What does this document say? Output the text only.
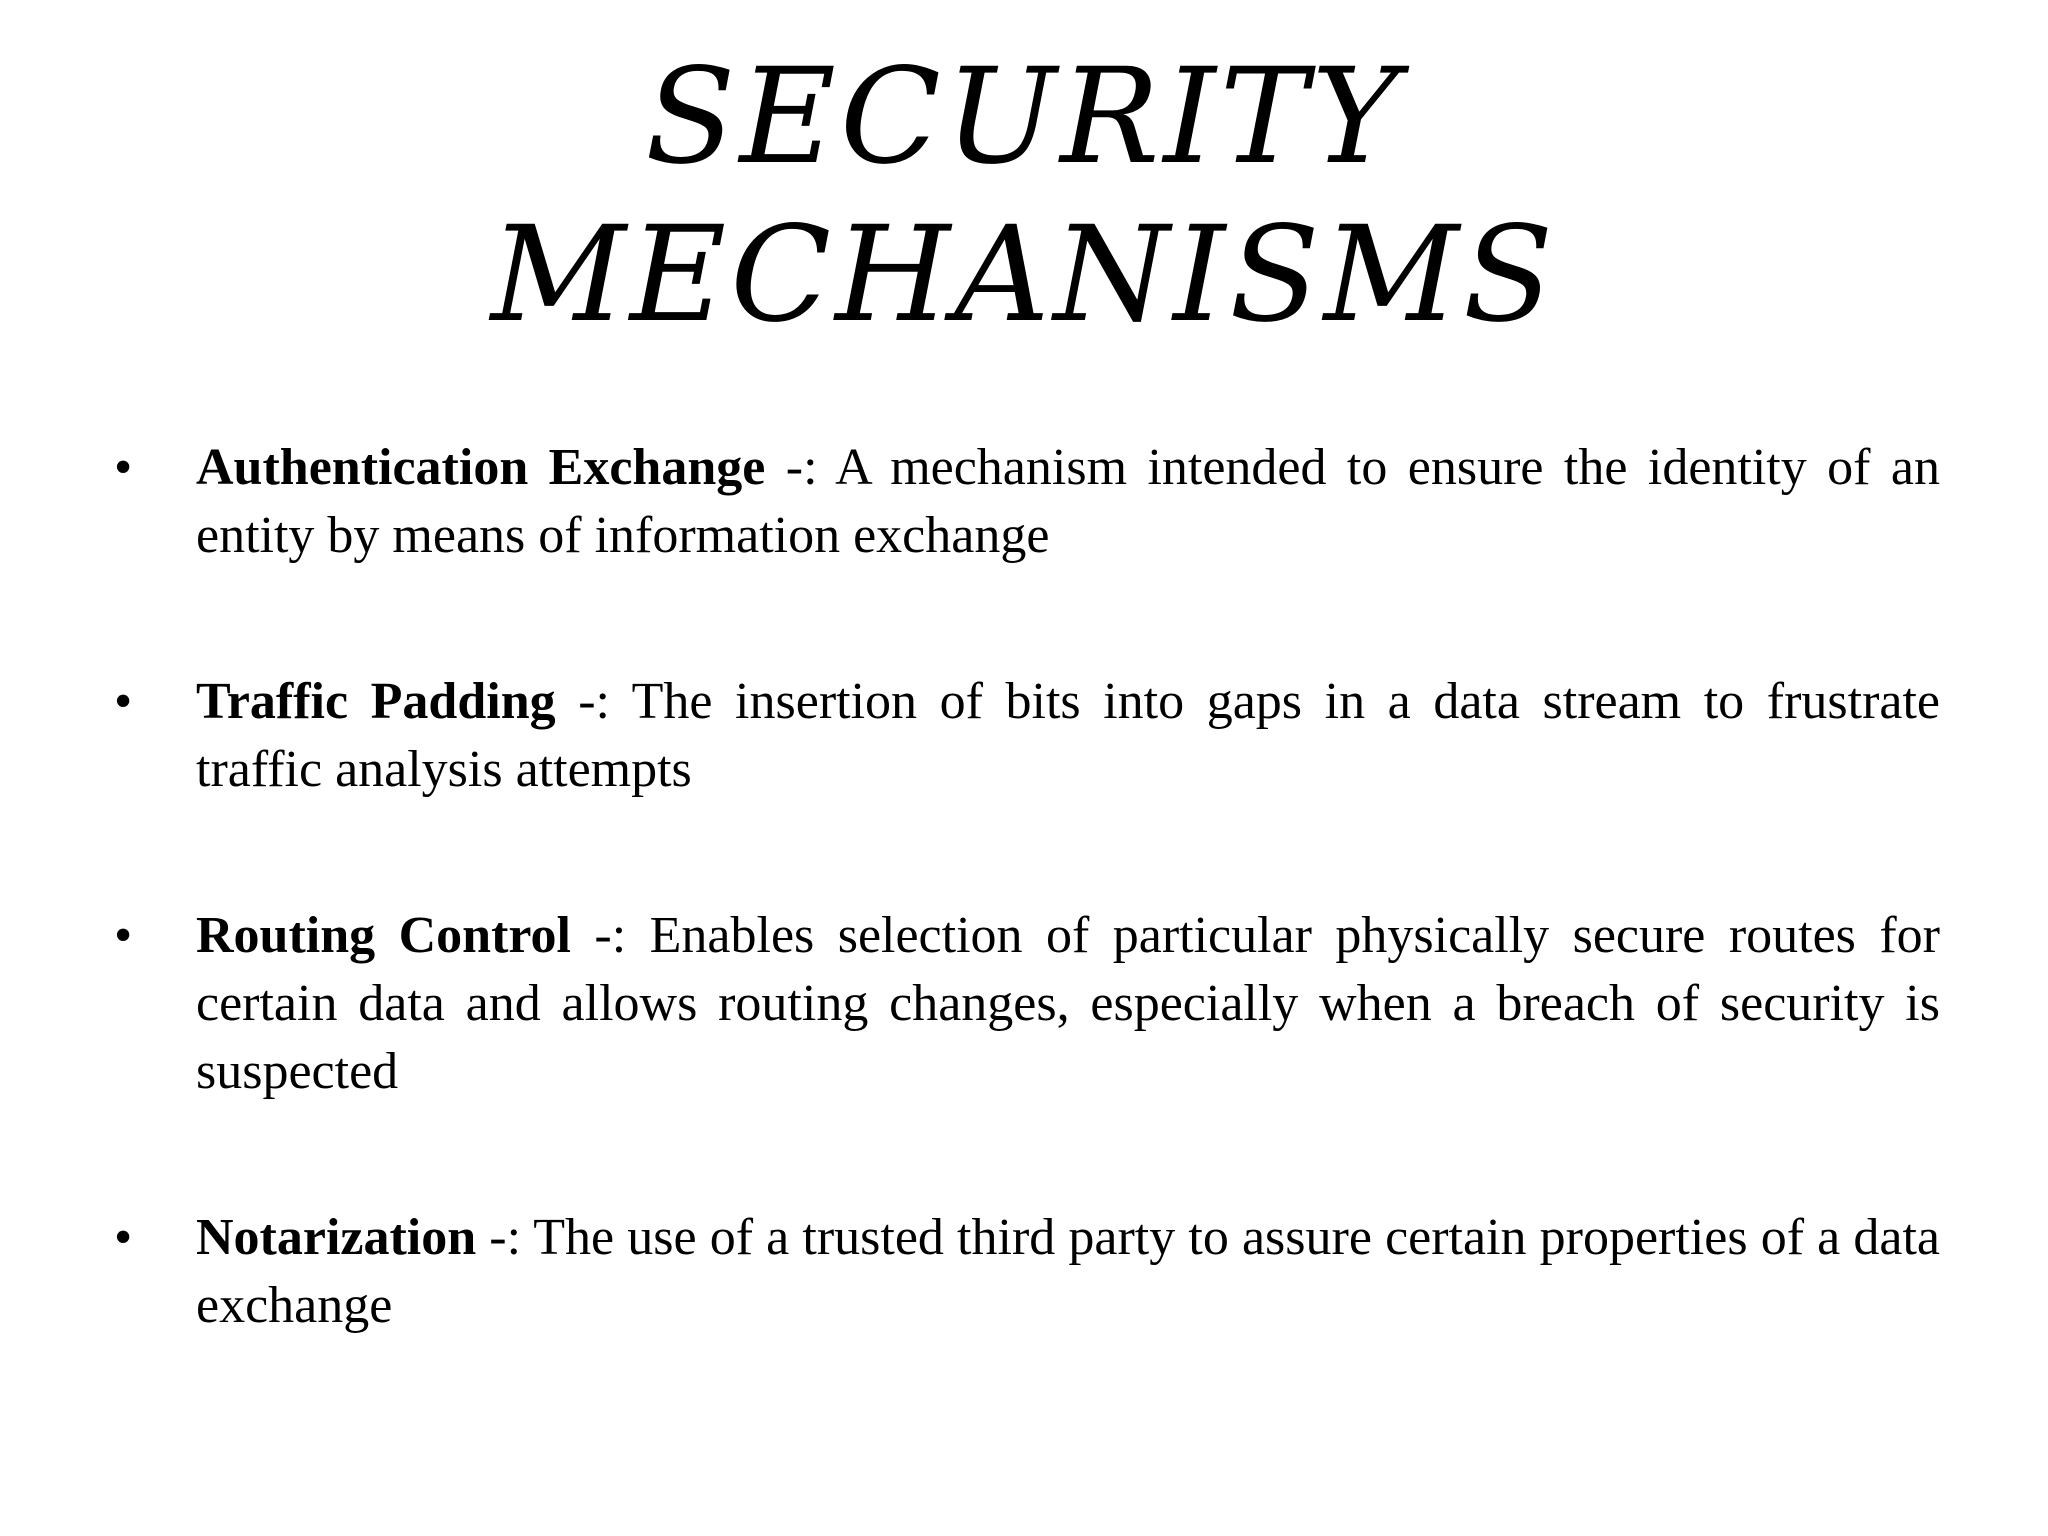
SECURITY
MECHANISMS
• Authentication Exchange -: A mechanism intended to ensure the identity of an entity by means of information exchange

• Traffic Padding -: The insertion of bits into gaps in a data stream to frustrate traffic analysis attempts

• Routing Control -: Enables selection of particular physically secure routes for certain data and allows routing changes, especially when a breach of security is suspected

• Notarization -: The use of a trusted third party to assure certain properties of a data exchange
